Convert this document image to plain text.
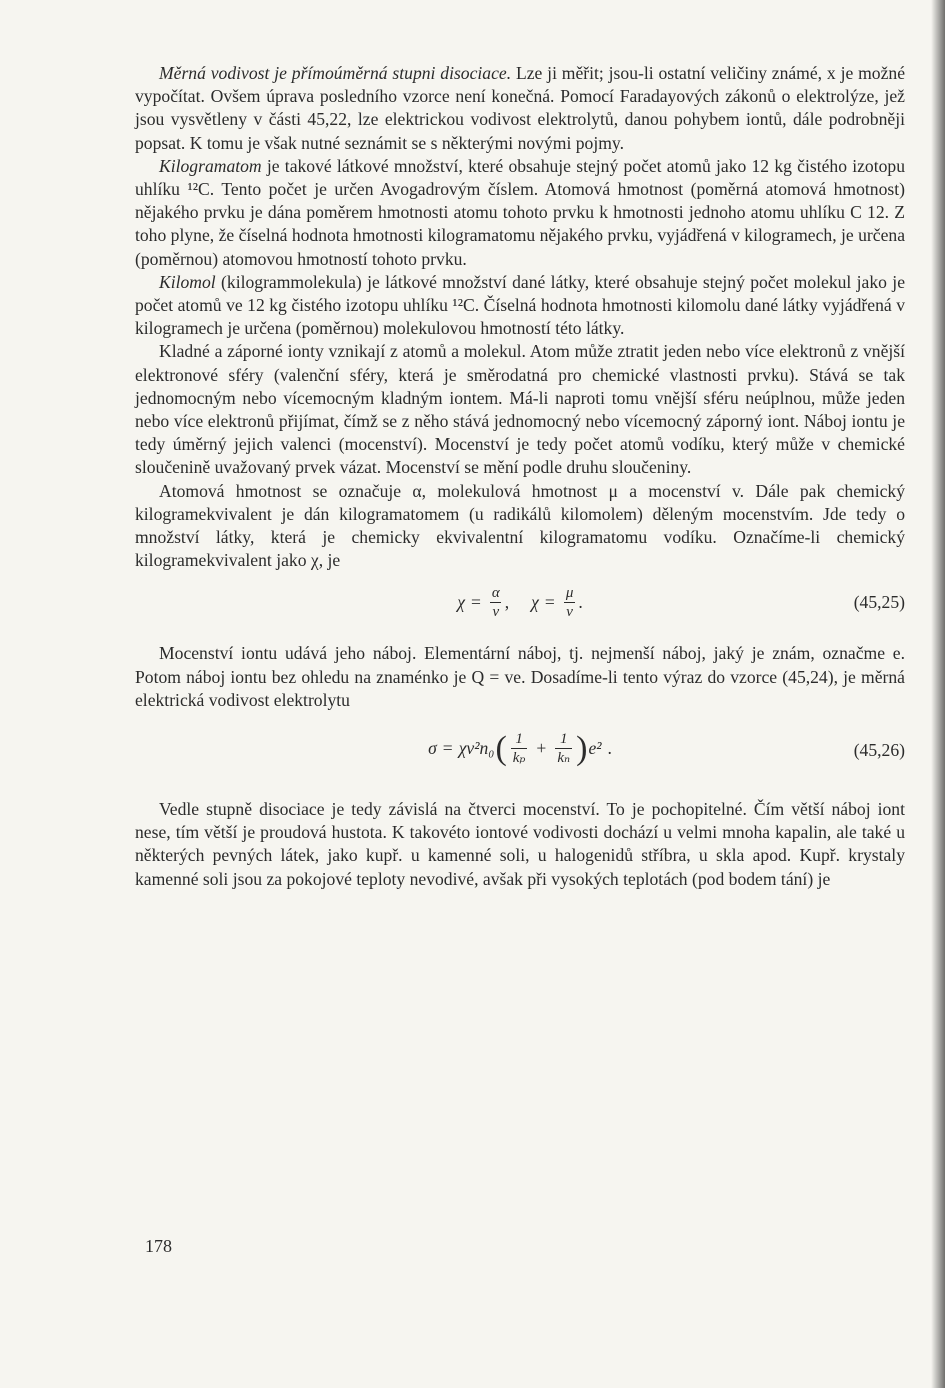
Měrná vodivost je přímoúměrná stupni disociace. Lze ji měřit; jsou-li ostatní veličiny známé, x je možné vypočítat. Ovšem úprava posledního vzorce není konečná. Pomocí Faradayových zákonů o elektrolýze, jež jsou vysvětleny v části 45,22, lze elektrickou vodivost elektrolytů, danou pohybem iontů, dále podrobněji popsat. K tomu je však nutné seznámit se s některými novými pojmy.

Kilogramatom je takové látkové množství, které obsahuje stejný počet atomů jako 12 kg čistého izotopu uhlíku ¹²C. Tento počet je určen Avogadrovým číslem. Atomová hmotnost (poměrná atomová hmotnost) nějakého prvku je dána poměrem hmotnosti atomu tohoto prvku k hmotnosti jednoho atomu uhlíku C 12. Z toho plyne, že číselná hodnota hmotnosti kilogramatomu nějakého prvku, vyjádřená v kilogramech, je určena (poměrnou) atomovou hmotností tohoto prvku.

Kilomol (kilogrammolekula) je látkové množství dané látky, které obsahuje stejný počet molekul jako je počet atomů ve 12 kg čistého izotopu uhlíku ¹²C. Číselná hodnota hmotnosti kilomolu dané látky vyjádřená v kilogramech je určena (poměrnou) molekulovou hmotností této látky.

Kladné a záporné ionty vznikají z atomů a molekul. Atom může ztratit jeden nebo více elektronů z vnější elektronové sféry (valenční sféry, která je směrodatná pro chemické vlastnosti prvku). Stává se tak jednomocným nebo vícemocným kladným iontem. Má-li naproti tomu vnější sféru neúplnou, může jeden nebo více elektronů přijímat, čímž se z něho stává jednomocný nebo vícemocný záporný iont. Náboj iontu je tedy úměrný jejich valenci (mocenství). Mocenství je tedy počet atomů vodíku, který může v chemické sloučenině uvažovaný prvek vázat. Mocenství se mění podle druhu sloučeniny.

Atomová hmotnost se označuje α, molekulová hmotnost μ a mocenství v. Dále pak chemický kilogramekvivalent je dán kilogramatomem (u radikálů kilomolem) děleným mocenstvím. Jde tedy o množství látky, která je chemicky ekvivalentní kilogramatomu vodíku. Označíme-li chemický kilogramekvivalent jako χ, je

$\chi = \frac{\alpha}{v}$ , $\chi = \frac{\mu}{v}$ .	(45,25)

Mocenství iontu udává jeho náboj. Elementární náboj, tj. nejmenší náboj, jaký je znám, označme e. Potom náboj iontu bez ohledu na znaménko je Q = ve. Dosadíme-li tento výraz do vzorce (45,24), je měrná elektrická vodivost elektrolytu

σ = χv²n₀ ( $\frac{1}{\text{kₚ}} + \frac{1}{\text{kₙ}}$ ) e² .	(45,26)

Vedle stupně disociace je tedy závislá na čtverci mocenství. To je pochopitelné. Čím větší náboj iont nese, tím větší je proudová hustota. K takovéto iontové vodivosti dochází u velmi mnoha kapalin, ale také u některých pevných látek, jako kupř. u kamenné soli, u halogenidů stříbra, u skla apod. Kupř. krystaly kamenné soli jsou za pokojové teploty nevodivé, avšak při vysokých teplotách (pod bodem tání) je

178
